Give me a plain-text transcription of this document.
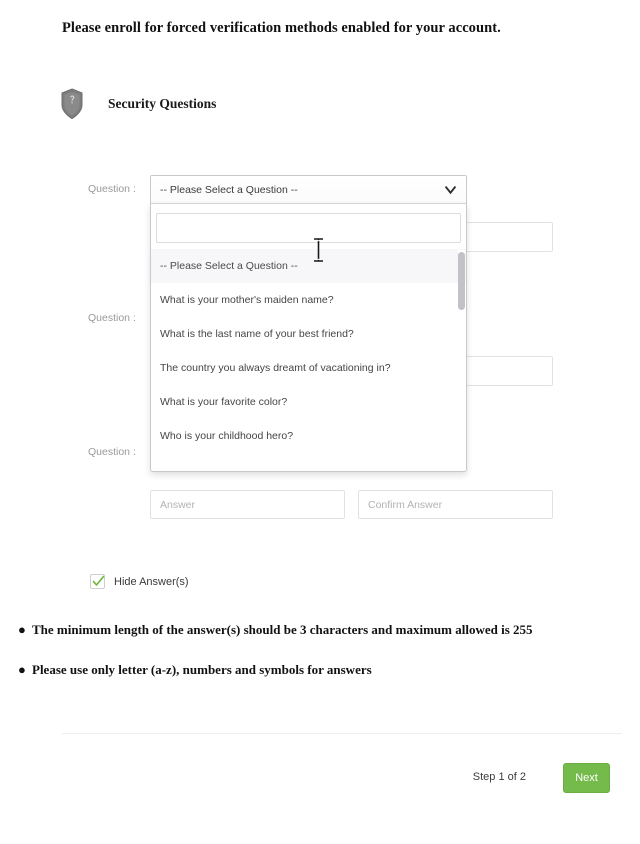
Please enroll for forced verification methods enabled for your account.
Security Questions
Question :
Question :
Question :
Answer	Confirm Answer
-- Please Select a Question --
-- Please Select a Question --
What is your mother's maiden name?
What is the last name of your best friend?
The country you always dreamt of vacationing in?
What is your favorite color?
Who is your childhood hero?
Hide Answer(s)
● The minimum length of the answer(s) should be 3 characters and maximum allowed is 255
● Please use only letter (a-z), numbers and symbols for answers
Step 1 of 2	Next
